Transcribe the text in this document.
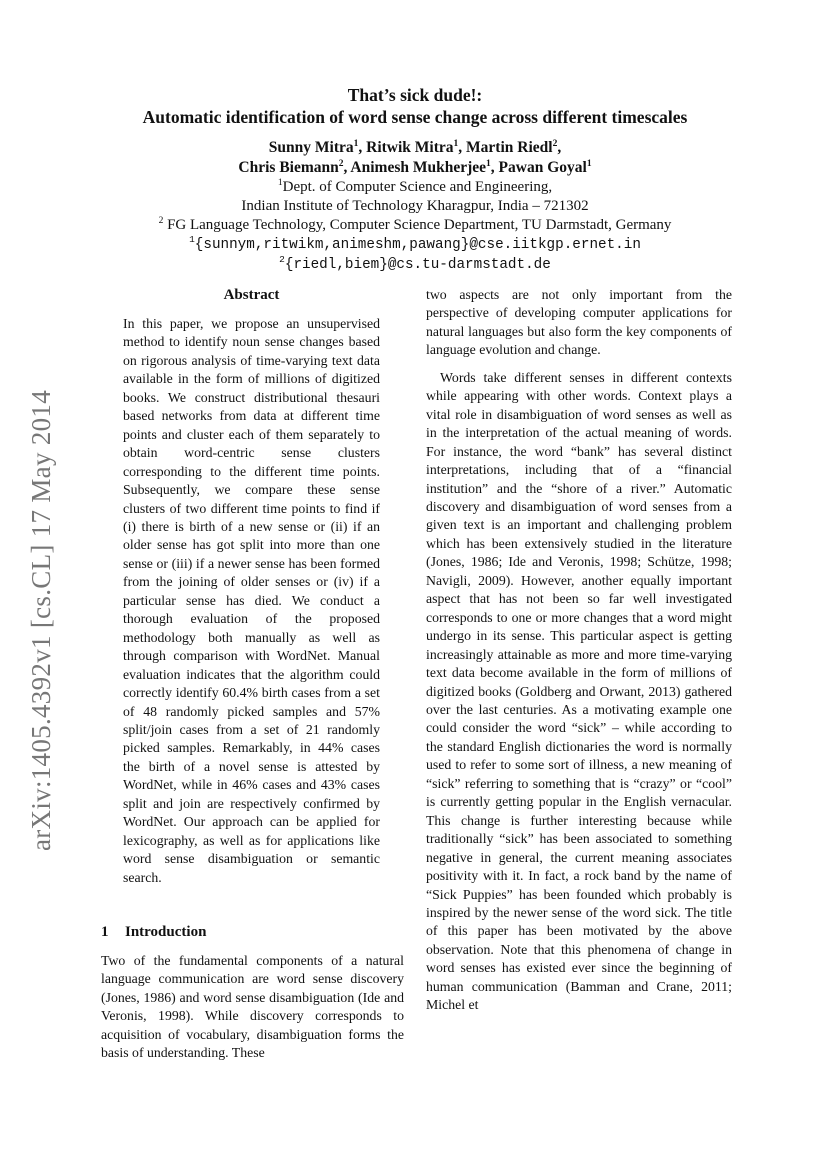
arXiv:1405.4392v1 [cs.CL] 17 May 2014
That’s sick dude!:
Automatic identification of word sense change across different timescales
Sunny Mitra$^1$, Ritwik Mitra$^1$, Martin Riedl$^2$,
Chris Biemann$^2$, Animesh Mukherjee$^1$, Pawan Goyal$^1$
$^1$Dept. of Computer Science and Engineering,
Indian Institute of Technology Kharagpur, India – 721302
$^2$ FG Language Technology, Computer Science Department, TU Darmstadt, Germany
$^1${sunnym,ritwikm,animeshm,pawang}@cse.iitkgp.ernet.in
$^2${riedl,biem}@cs.tu-darmstadt.de
Abstract

In this paper, we propose an unsupervised method to identify noun sense changes based on rigorous analysis of time-varying text data available in the form of millions of digitized books. We construct distributional thesauri based networks from data at different time points and cluster each of them separately to obtain word-centric sense clusters corresponding to the different time points. Subsequently, we compare these sense clusters of two different time points to find if (i) there is birth of a new sense or (ii) if an older sense has got split into more than one sense or (iii) if a newer sense has been formed from the joining of older senses or (iv) if a particular sense has died. We conduct a thorough evaluation of the proposed methodology both manually as well as through comparison with WordNet. Manual evaluation indicates that the algorithm could correctly identify 60.4% birth cases from a set of 48 randomly picked samples and 57% split/join cases from a set of 21 randomly picked samples. Remarkably, in 44% cases the birth of a novel sense is attested by WordNet, while in 46% cases and 43% cases split and join are respectively confirmed by WordNet. Our approach can be applied for lexicography, as well as for applications like word sense disambiguation or semantic search.

1 Introduction

Two of the fundamental components of a natural language communication are word sense discovery (Jones, 1986) and word sense disambiguation (Ide and Veronis, 1998). While discovery corresponds to acquisition of vocabulary, disambiguation forms the basis of understanding. These

two aspects are not only important from the perspective of developing computer applications for natural languages but also form the key components of language evolution and change.

Words take different senses in different contexts while appearing with other words. Context plays a vital role in disambiguation of word senses as well as in the interpretation of the actual meaning of words. For instance, the word “bank” has several distinct interpretations, including that of a “financial institution” and the “shore of a river.” Automatic discovery and disambiguation of word senses from a given text is an important and challenging problem which has been extensively studied in the literature (Jones, 1986; Ide and Veronis, 1998; Schütze, 1998; Navigli, 2009). However, another equally important aspect that has not been so far well investigated corresponds to one or more changes that a word might undergo in its sense. This particular aspect is getting increasingly attainable as more and more time-varying text data become available in the form of millions of digitized books (Goldberg and Orwant, 2013) gathered over the last centuries. As a motivating example one could consider the word “sick” – while according to the standard English dictionaries the word is normally used to refer to some sort of illness, a new meaning of “sick” referring to something that is “crazy” or “cool” is currently getting popular in the English vernacular. This change is further interesting because while traditionally “sick” has been associated to something negative in general, the current meaning associates positivity with it. In fact, a rock band by the name of “Sick Puppies” has been founded which probably is inspired by the newer sense of the word sick. The title of this paper has been motivated by the above observation. Note that this phenomena of change in word senses has existed ever since the beginning of human communication (Bamman and Crane, 2011; Michel et
